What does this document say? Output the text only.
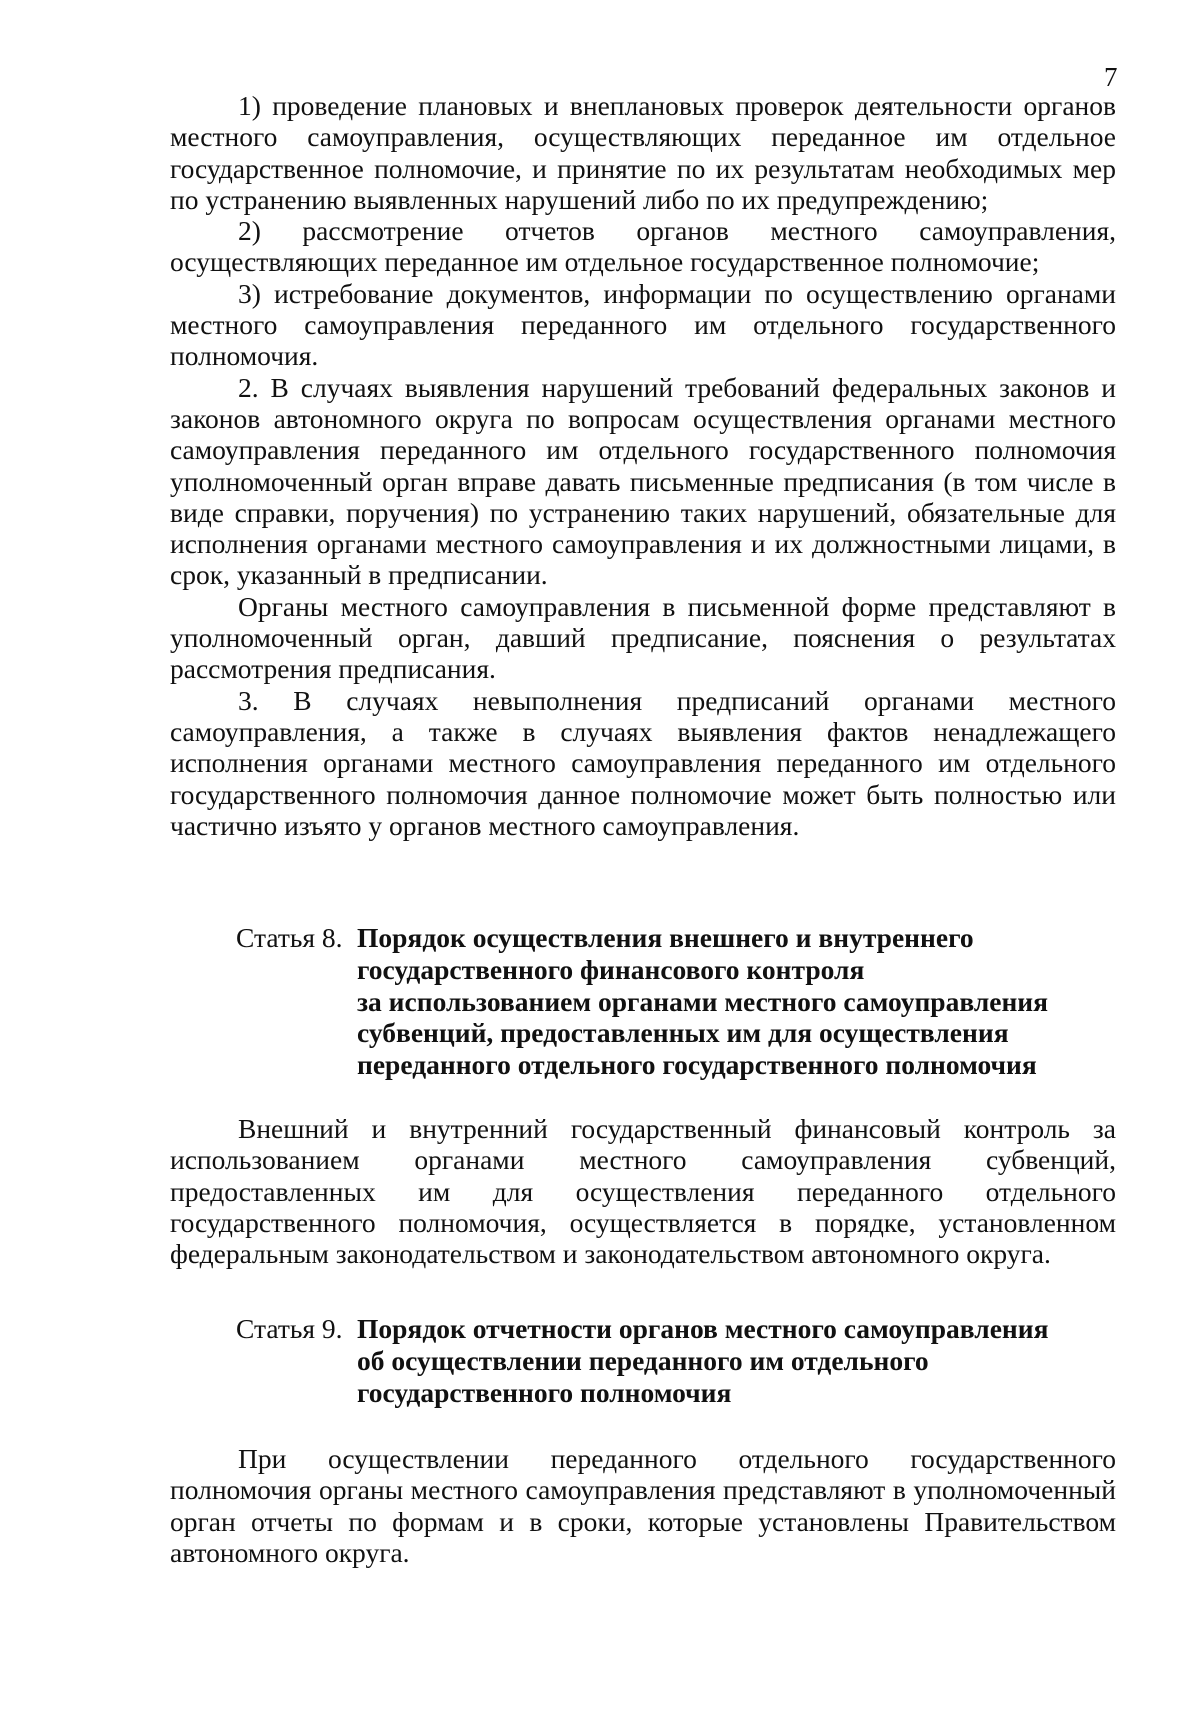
7

1) проведение плановых и внеплановых проверок деятельности органов местного самоуправления, осуществляющих переданное им отдельное государственное полномочие, и принятие по их результатам необходимых мер по устранению выявленных нарушений либо по их предупреждению;

2) рассмотрение отчетов органов местного самоуправления, осуществляющих переданное им отдельное государственное полномочие;

3) истребование документов, информации по осуществлению органами местного самоуправления переданного им отдельного государственного полномочия.

2. В случаях выявления нарушений требований федеральных законов и законов автономного округа по вопросам осуществления органами местного самоуправления переданного им отдельного государственного полномочия уполномоченный орган вправе давать письменные предписания (в том числе в виде справки, поручения) по устранению таких нарушений, обязательные для исполнения органами местного самоуправления и их должностными лицами, в срок, указанный в предписании.

Органы местного самоуправления в письменной форме представляют в уполномоченный орган, давший предписание, пояснения о результатах рассмотрения предписания.

3. В случаях невыполнения предписаний органами местного самоуправления, а также в случаях выявления фактов ненадлежащего исполнения органами местного самоуправления переданного им отдельного государственного полномочия данное полномочие может быть полностью или частично изъято у органов местного самоуправления.

Статья 8. Порядок осуществления внешнего и внутреннего
государственного финансового контроля
за использованием органами местного самоуправления
субвенций, предоставленных им для осуществления
переданного отдельного государственного полномочия

Внешний и внутренний государственный финансовый контроль за использованием органами местного самоуправления субвенций, предоставленных им для осуществления переданного отдельного государственного полномочия, осуществляется в порядке, установленном федеральным законодательством и законодательством автономного округа.

Статья 9. Порядок отчетности органов местного самоуправления
об осуществлении переданного им отдельного
государственного полномочия

При осуществлении переданного отдельного государственного полномочия органы местного самоуправления представляют в уполномоченный орган отчеты по формам и в сроки, которые установлены Правительством автономного округа.
